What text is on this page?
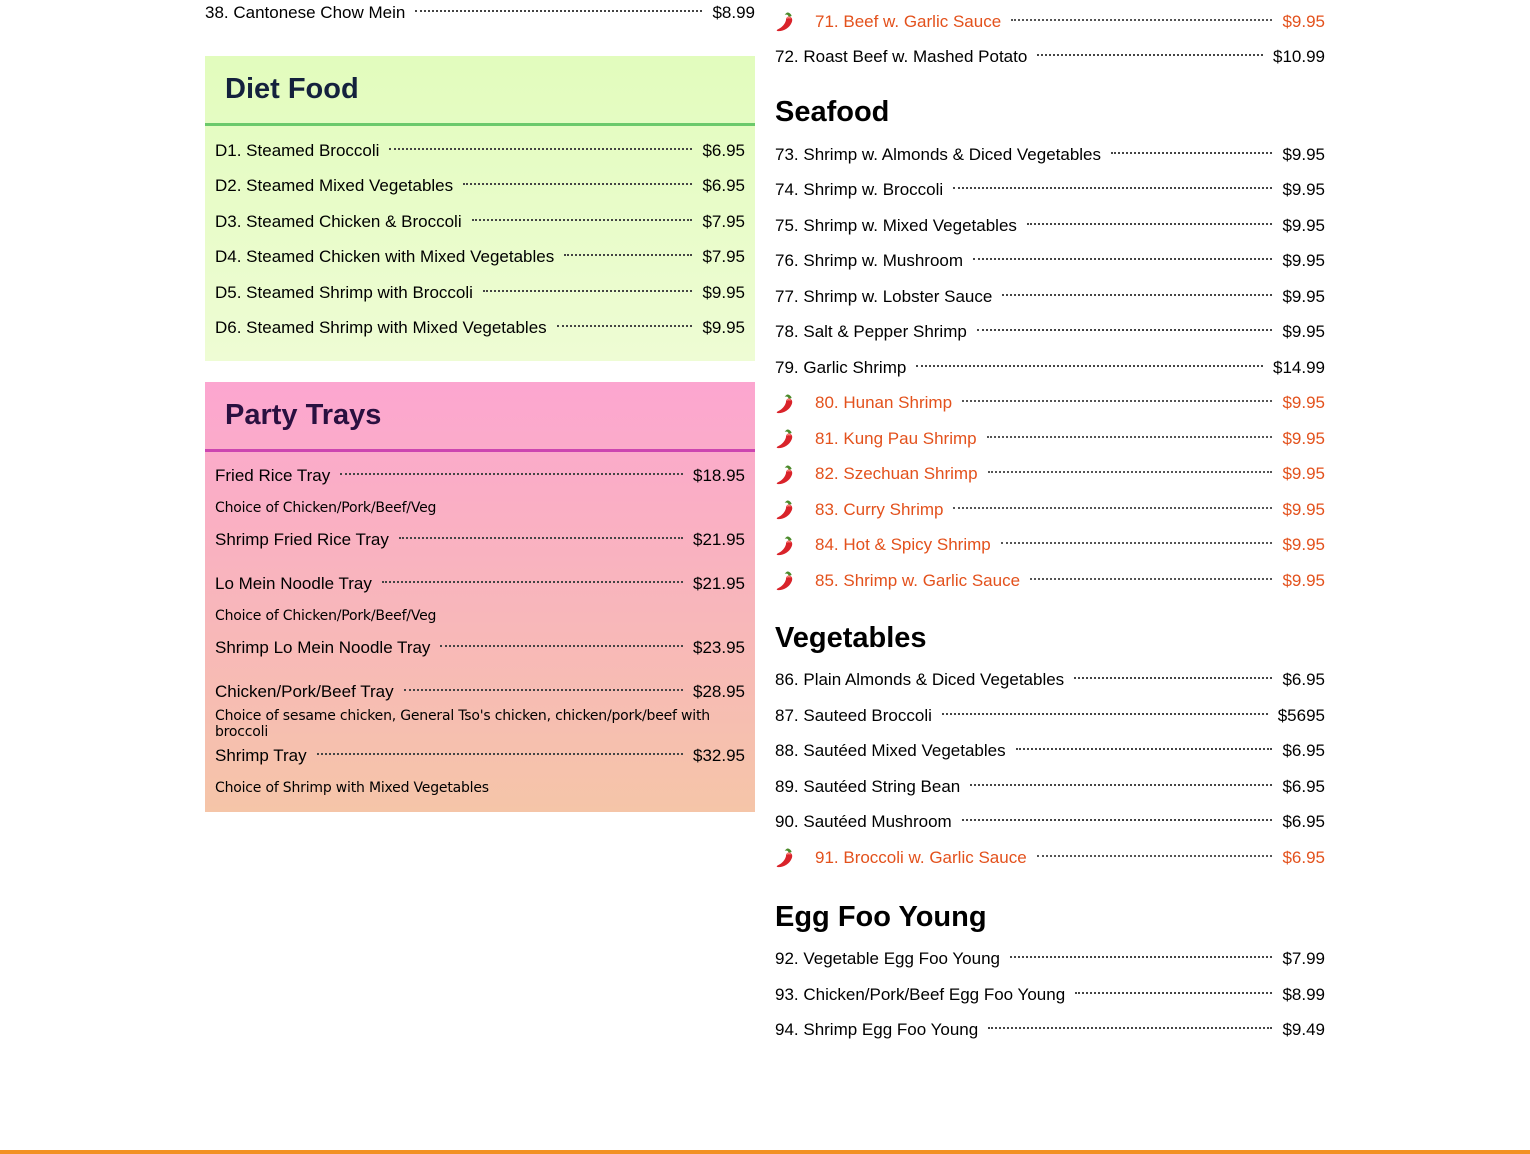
38. Cantonese Chow Mein	$8.99
Diet Food
D1. Steamed Broccoli	$6.95
D2. Steamed Mixed Vegetables	$6.95
D3. Steamed Chicken & Broccoli	$7.95
D4. Steamed Chicken with Mixed Vegetables	$7.95
D5. Steamed Shrimp with Broccoli	$9.95
D6. Steamed Shrimp with Mixed Vegetables	$9.95
Party Trays
Fried Rice Tray	$18.95
Choice of Chicken/Pork/Beef/Veg
Shrimp Fried Rice Tray	$21.95
Lo Mein Noodle Tray	$21.95
Choice of Chicken/Pork/Beef/Veg
Shrimp Lo Mein Noodle Tray	$23.95
Chicken/Pork/Beef Tray	$28.95
Choice of sesame chicken, General Tso's chicken, chicken/pork/beef with broccoli
Shrimp Tray	$32.95
Choice of Shrimp with Mixed Vegetables
71. Beef w. Garlic Sauce	$9.95
72. Roast Beef w. Mashed Potato	$10.99
Seafood
73. Shrimp w. Almonds & Diced Vegetables	$9.95
74. Shrimp w. Broccoli	$9.95
75. Shrimp w. Mixed Vegetables	$9.95
76. Shrimp w. Mushroom	$9.95
77. Shrimp w. Lobster Sauce	$9.95
78. Salt & Pepper Shrimp	$9.95
79. Garlic Shrimp	$14.99
80. Hunan Shrimp	$9.95
81. Kung Pau Shrimp	$9.95
82. Szechuan Shrimp	$9.95
83. Curry Shrimp	$9.95
84. Hot & Spicy Shrimp	$9.95
85. Shrimp w. Garlic Sauce	$9.95
Vegetables
86. Plain Almonds & Diced Vegetables	$6.95
87. Sauteed Broccoli	$5695
88. Sautéed Mixed Vegetables	$6.95
89. Sautéed String Bean	$6.95
90. Sautéed Mushroom	$6.95
91. Broccoli w. Garlic Sauce	$6.95
Egg Foo Young
92. Vegetable Egg Foo Young	$7.99
93. Chicken/Pork/Beef Egg Foo Young	$8.99
94. Shrimp Egg Foo Young	$9.49
